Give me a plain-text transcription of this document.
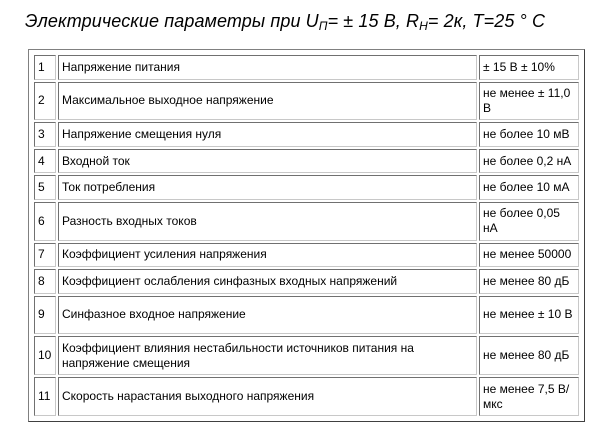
Электрические параметры при $U_П= \pm 15$ В, $R_Н= 2к$, T=25 ° С
1	Напряжение питания	± 15 В ± 10%
2	Максимальное выходное напряжение	не менее ± 11,0 В
3	Напряжение смещения нуля	не более 10 мВ
4	Входной ток	не более 0,2 нА
5	Ток потребления	не более 10 мА
6	Разность входных токов	не более 0,05 нА
7	Коэффициент усиления напряжения	не менее 50000
8	Коэффициент ослабления синфазных входных напряжений	не менее 80 дБ
9	Синфазное входное напряжение	не менее ± 10 В
10	Коэффициент влияния нестабильности источников питания на напряжение смещения	не менее 80 дБ
11	Скорость нарастания выходного напряжения	не менее 7,5 В/мкс
